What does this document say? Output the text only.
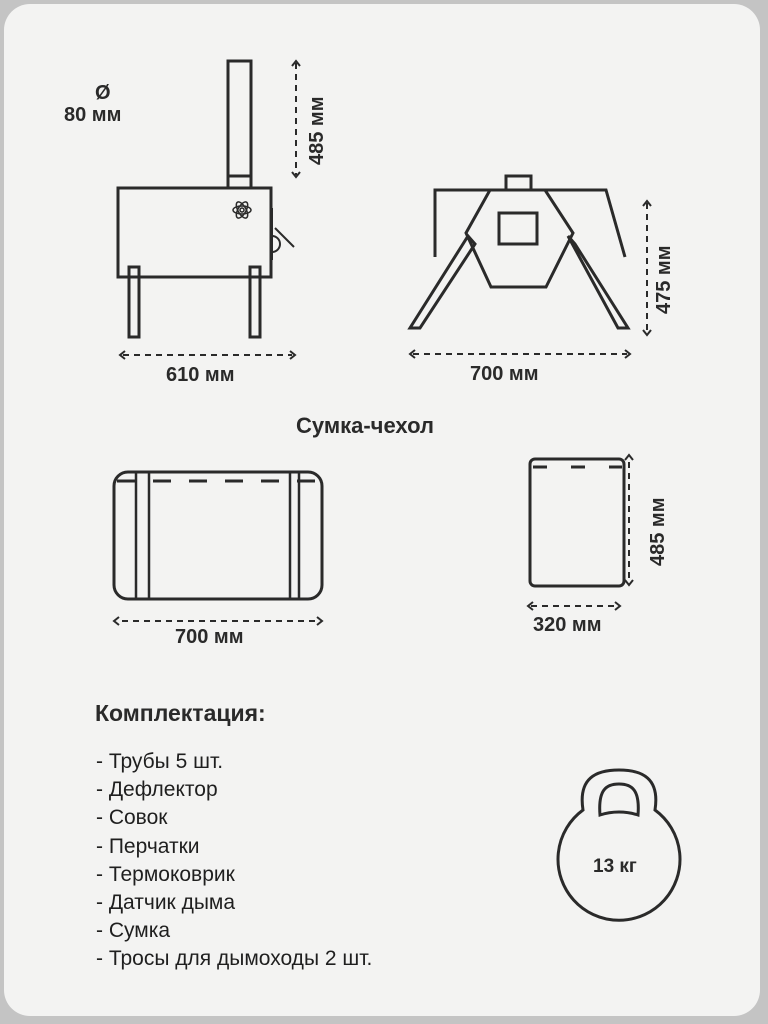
Ø
80 мм	485 мм
610 мм
475 мм
700 мм
Сумка-чехол
700 мм
320 мм
485 мм
Комплектация:
- Трубы 5 шт.
- Дефлектор
- Совок
- Перчатки
- Термоковрик
- Датчик дыма
- Сумка
- Тросы для дымоходы 2 шт.
13 кг
